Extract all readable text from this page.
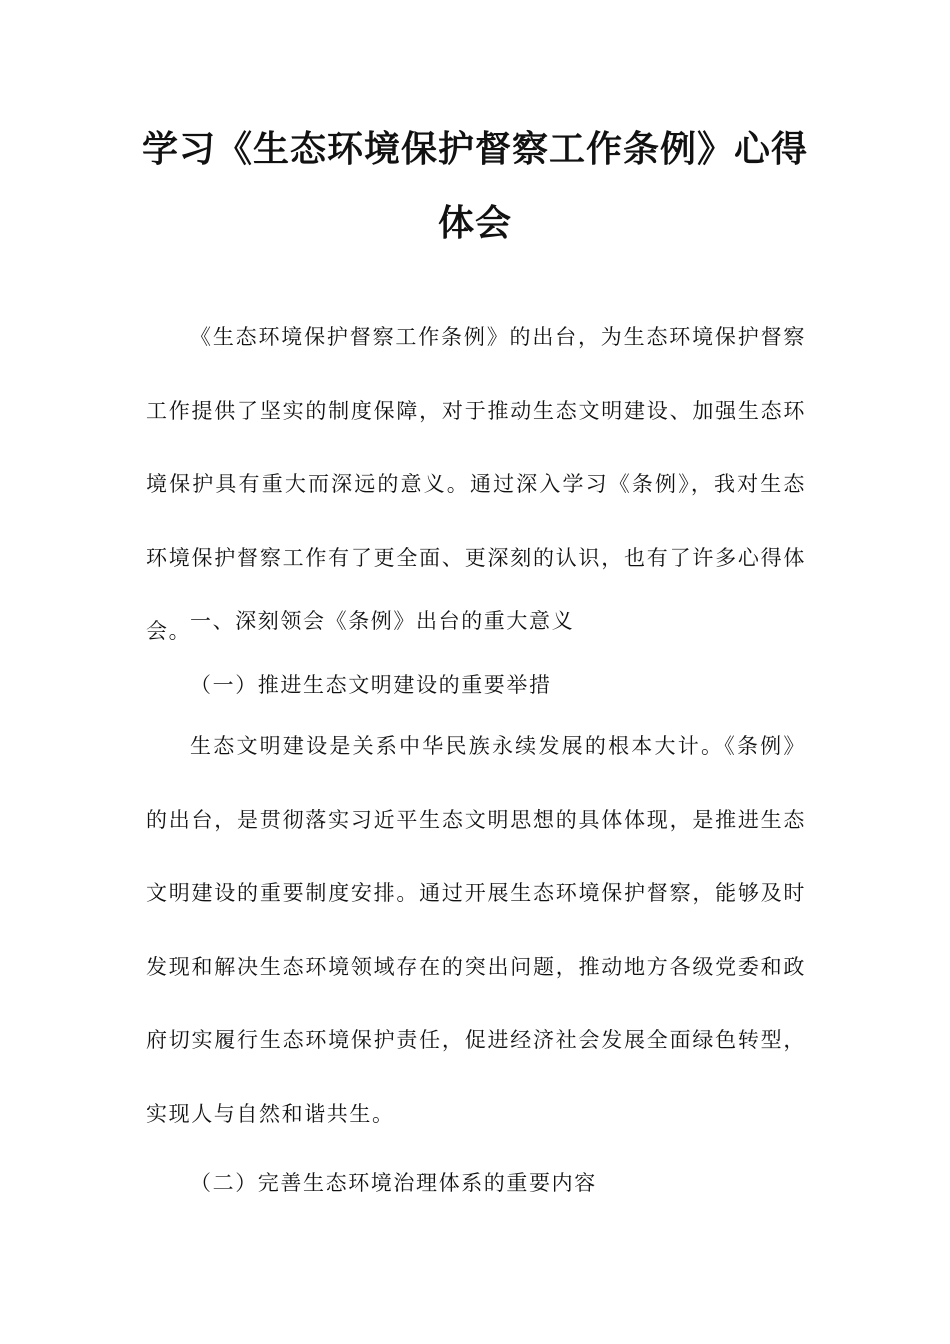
学习《生态环境保护督察工作条例》心得体会

《生态环境保护督察工作条例》的出台，为生态环境保护督察工作提供了坚实的制度保障，对于推动生态文明建设、加强生态环境保护具有重大而深远的意义。通过深入学习《条例》，我对生态环境保护督察工作有了更全面、更深刻的认识，也有了许多心得体会。

一、深刻领会《条例》出台的重大意义

（一）推进生态文明建设的重要举措

生态文明建设是关系中华民族永续发展的根本大计。《条例》的出台，是贯彻落实习近平生态文明思想的具体体现，是推进生态文明建设的重要制度安排。通过开展生态环境保护督察，能够及时发现和解决生态环境领域存在的突出问题，推动地方各级党委和政府切实履行生态环境保护责任，促进经济社会发展全面绿色转型，实现人与自然和谐共生。

（二）完善生态环境治理体系的重要内容
